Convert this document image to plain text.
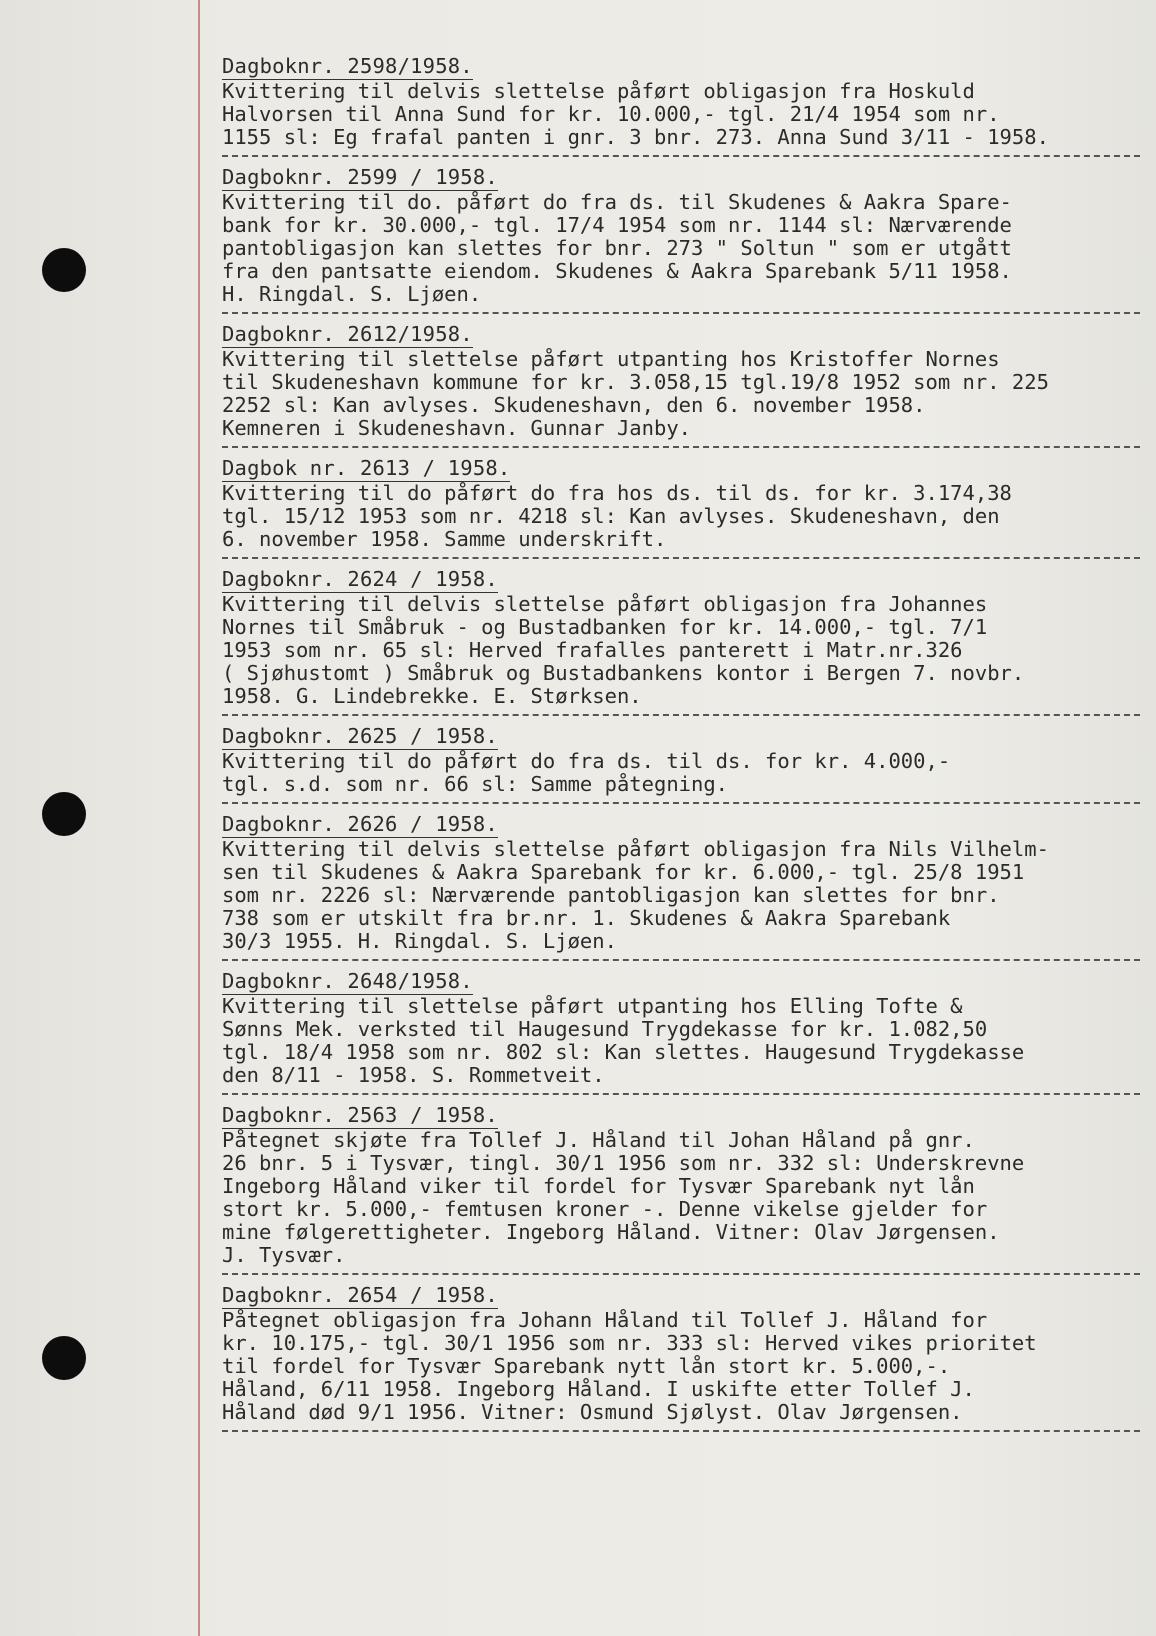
Dagboknr. 2598/1958.
Kvittering til delvis slettelse påført obligasjon fra Hoskuld
Halvorsen til Anna Sund for kr. 10.000,- tgl. 21/4 1954 som nr.
1155 sl: Eg frafal panten i gnr. 3 bnr. 273. Anna Sund 3/11 - 1958.
Dagboknr. 2599 / 1958.
Kvittering til do. påført do fra ds. til Skudenes & Aakra Spare-
bank for kr. 30.000,- tgl. 17/4 1954 som nr. 1144 sl: Nærværende
pantobligasjon kan slettes for bnr. 273 " Soltun " som er utgått
fra den pantsatte eiendom. Skudenes & Aakra Sparebank 5/11 1958.
H. Ringdal. S. Ljøen.
Dagboknr. 2612/1958.
Kvittering til slettelse påført utpanting hos Kristoffer Nornes
til Skudeneshavn kommune for kr. 3.058,15 tgl.19/8 1952 som nr. 225
2252 sl: Kan avlyses. Skudeneshavn, den 6. november 1958.
Kemneren i Skudeneshavn. Gunnar Janby.
Dagbok nr. 2613 / 1958.
Kvittering til do påført do fra hos ds. til ds. for kr. 3.174,38
tgl. 15/12 1953 som nr. 4218 sl: Kan avlyses. Skudeneshavn, den
6. november 1958. Samme underskrift.
Dagboknr. 2624 / 1958.
Kvittering til delvis slettelse påført obligasjon fra Johannes
Nornes til Småbruk - og Bustadbanken for kr. 14.000,- tgl. 7/1
1953 som nr. 65 sl: Herved frafalles panterett i Matr.nr.326
( Sjøhustomt ) Småbruk og Bustadbankens kontor i Bergen 7. novbr.
1958. G. Lindebrekke. E. Størksen.
Dagboknr. 2625 / 1958.
Kvittering til do påført do fra ds. til ds. for kr. 4.000,-
tgl. s.d. som nr. 66 sl: Samme påtegning.
Dagboknr. 2626 / 1958.
Kvittering til delvis slettelse påført obligasjon fra Nils Vilhelm-
sen til Skudenes & Aakra Sparebank for kr. 6.000,- tgl. 25/8 1951
som nr. 2226 sl: Nærværende pantobligasjon kan slettes for bnr.
738 som er utskilt fra br.nr. 1. Skudenes & Aakra Sparebank
30/3 1955. H. Ringdal. S. Ljøen.
Dagboknr. 2648/1958.
Kvittering til slettelse påført utpanting hos Elling Tofte &
Sønns Mek. verksted til Haugesund Trygdekasse for kr. 1.082,50
tgl. 18/4 1958 som nr. 802 sl: Kan slettes. Haugesund Trygdekasse
den 8/11 - 1958. S. Rommetveit.
Dagboknr. 2563 / 1958.
Påtegnet skjøte fra Tollef J. Håland til Johan Håland på gnr.
26 bnr. 5 i Tysvær, tingl. 30/1 1956 som nr. 332 sl: Underskrevne
Ingeborg Håland viker til fordel for Tysvær Sparebank nyt lån
stort kr. 5.000,- femtusen kroner -. Denne vikelse gjelder for
mine følgerettigheter. Ingeborg Håland. Vitner: Olav Jørgensen.
J. Tysvær.
Dagboknr. 2654 / 1958.
Påtegnet obligasjon fra Johann Håland til Tollef J. Håland for
kr. 10.175,- tgl. 30/1 1956 som nr. 333 sl: Herved vikes prioritet
til fordel for Tysvær Sparebank nytt lån stort kr. 5.000,-.
Håland, 6/11 1958. Ingeborg Håland. I uskifte etter Tollef J.
Håland død 9/1 1956. Vitner: Osmund Sjølyst. Olav Jørgensen.
